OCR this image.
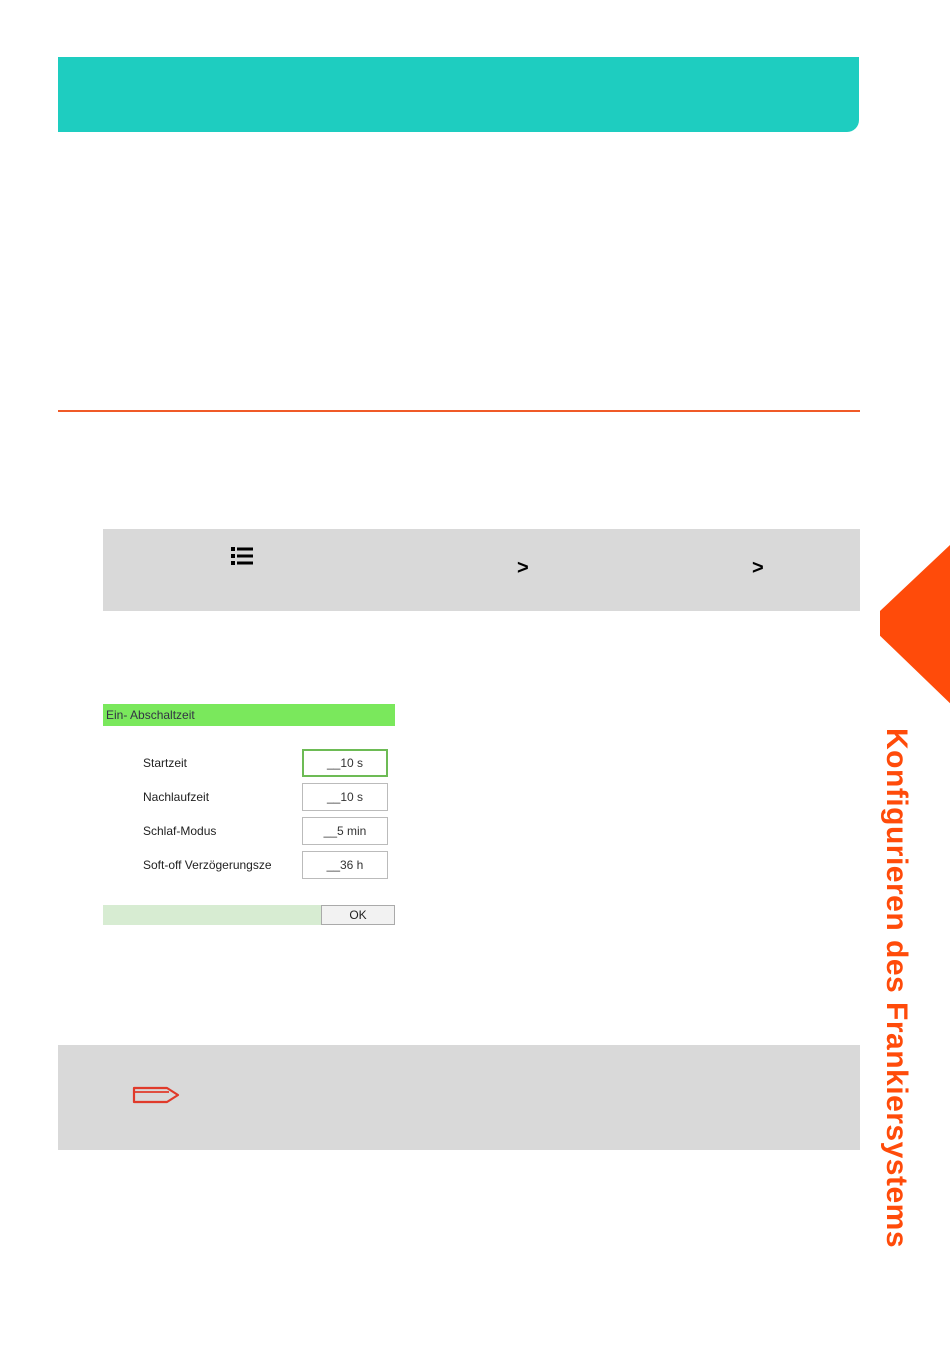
>	>
Ein- Abschaltzeit
Startzeit	__10 s
Nachlaufzeit	__10 s
Schlaf-Modus	__5 min
Soft-off Verzögerungsze	__36 h
OK	Konfigurieren des Frankiersystems
